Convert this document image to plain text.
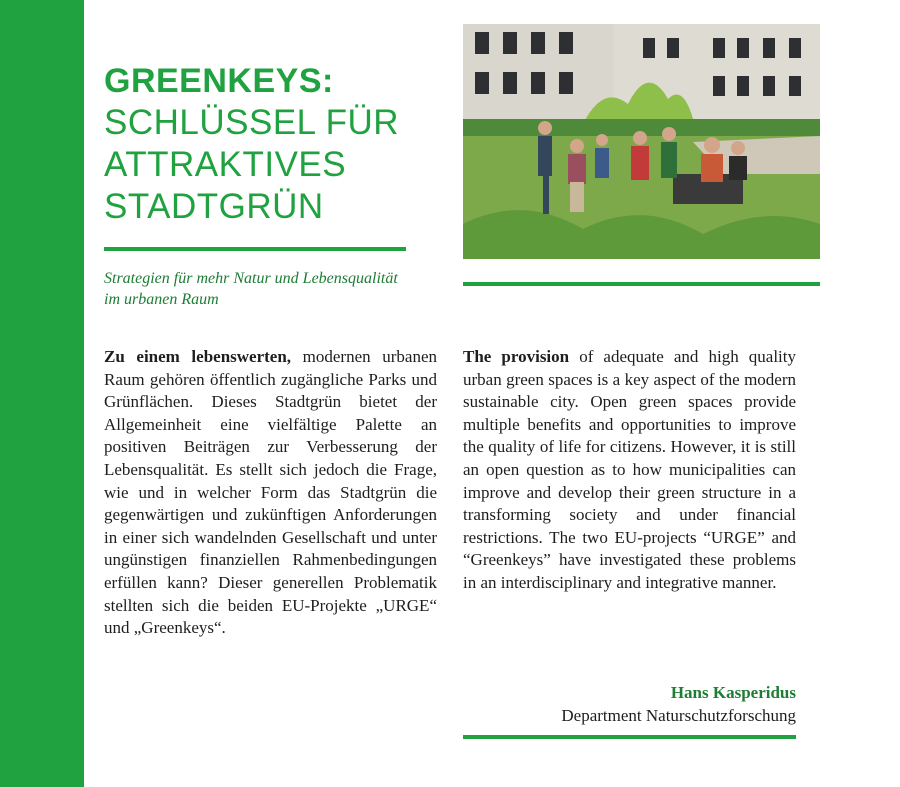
GREENKEYS:
SCHLÜSSEL FÜR
ATTRAKTIVES
STADTGRÜN

Strategien für mehr Natur und Lebensqualität
im urbanen Raum

Zu einem lebenswerten, modernen urbanen Raum gehören öffentlich zugängliche Parks und Grünflächen. Dieses Stadtgrün bietet der Allgemeinheit eine vielfältige Palette an positiven Beiträgen zur Verbesserung der Lebensqualität. Es stellt sich jedoch die Frage, wie und in welcher Form das Stadtgrün die gegenwärtigen und zukünftigen Anforderungen in einer sich wandelnden Gesellschaft und unter ungünstigen finanziellen Rahmenbedingungen erfüllen kann? Dieser generellen Problematik stellten sich die beiden EU-Projekte „URGE“ und „Greenkeys“.

The provision of adequate and high quality urban green spaces is a key aspect of the modern sustainable city. Open green spaces provide multiple benefits and opportunities to improve the quality of life for citizens. However, it is still an open question as to how municipalities can improve and develop their green structure in a transforming society and under financial restrictions. The two EU-projects “URGE” and “Greenkeys” have investigated these problems in an interdisciplinary and integrative manner.

Hans Kasperidus
Department Naturschutzforschung
